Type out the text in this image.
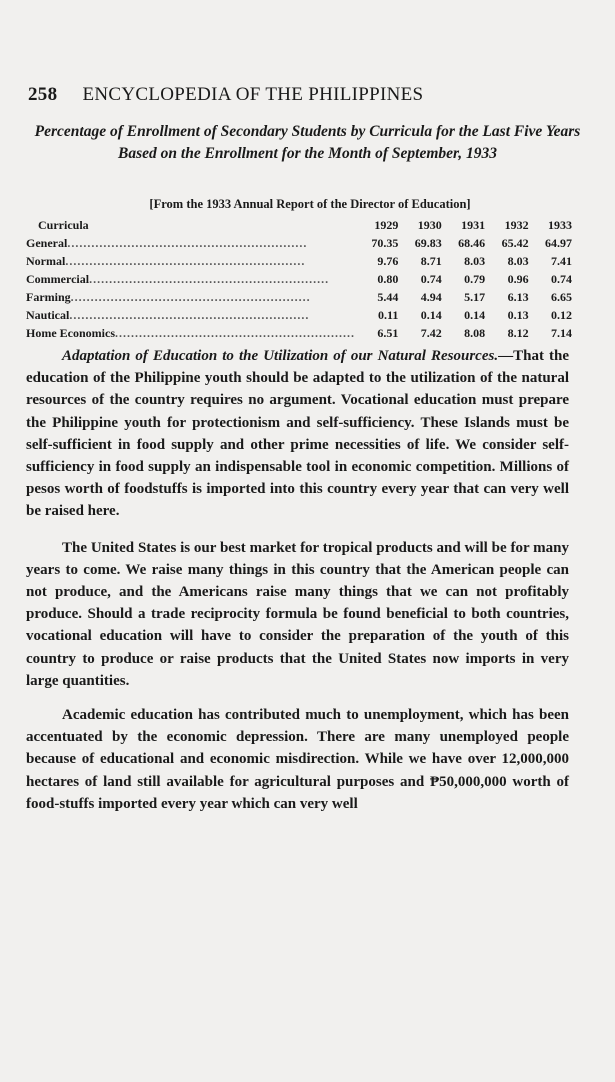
258 ENCYCLOPEDIA OF THE PHILIPPINES
Percentage of Enrollment of Secondary Students by Curricula for the Last Five Years Based on the Enrollment for the Month of September, 1933
[From the 1933 Annual Report of the Director of Education]
Curricula	1929	1930	1931	1932	1933
General............................................................	70.35	69.83	68.46	65.42	64.97
Normal............................................................	9.76	8.71	8.03	8.03	7.41
Commercial............................................................	0.80	0.74	0.79	0.96	0.74
Farming............................................................	5.44	4.94	5.17	6.13	6.65
Nautical............................................................	0.11	0.14	0.14	0.13	0.12
Home Economics............................................................	6.51	7.42	8.08	8.12	7.14

Adaptation of Education to the Utilization of our Natural Resources.—That the education of the Philippine youth should be adapted to the utilization of the natural resources of the country requires no argument. Vocational education must prepare the Philippine youth for protectionism and self-sufficiency. These Islands must be self-sufficient in food supply and other prime necessities of life. We consider self-sufficiency in food supply an indispensable tool in economic competition. Millions of pesos worth of foodstuffs is imported into this country every year that can very well be raised here.

The United States is our best market for tropical products and will be for many years to come. We raise many things in this country that the American people can not produce, and the Americans raise many things that we can not profitably produce. Should a trade reciprocity formula be found beneficial to both countries, vocational education will have to consider the preparation of the youth of this country to produce or raise products that the United States now imports in very large quantities.

Academic education has contributed much to unemployment, which has been accentuated by the economic depression. There are many unemployed people because of educational and economic misdirection. While we have over 12,000,000 hectares of land still available for agricultural purposes and ₱50,000,000 worth of food-stuffs imported every year which can very well
